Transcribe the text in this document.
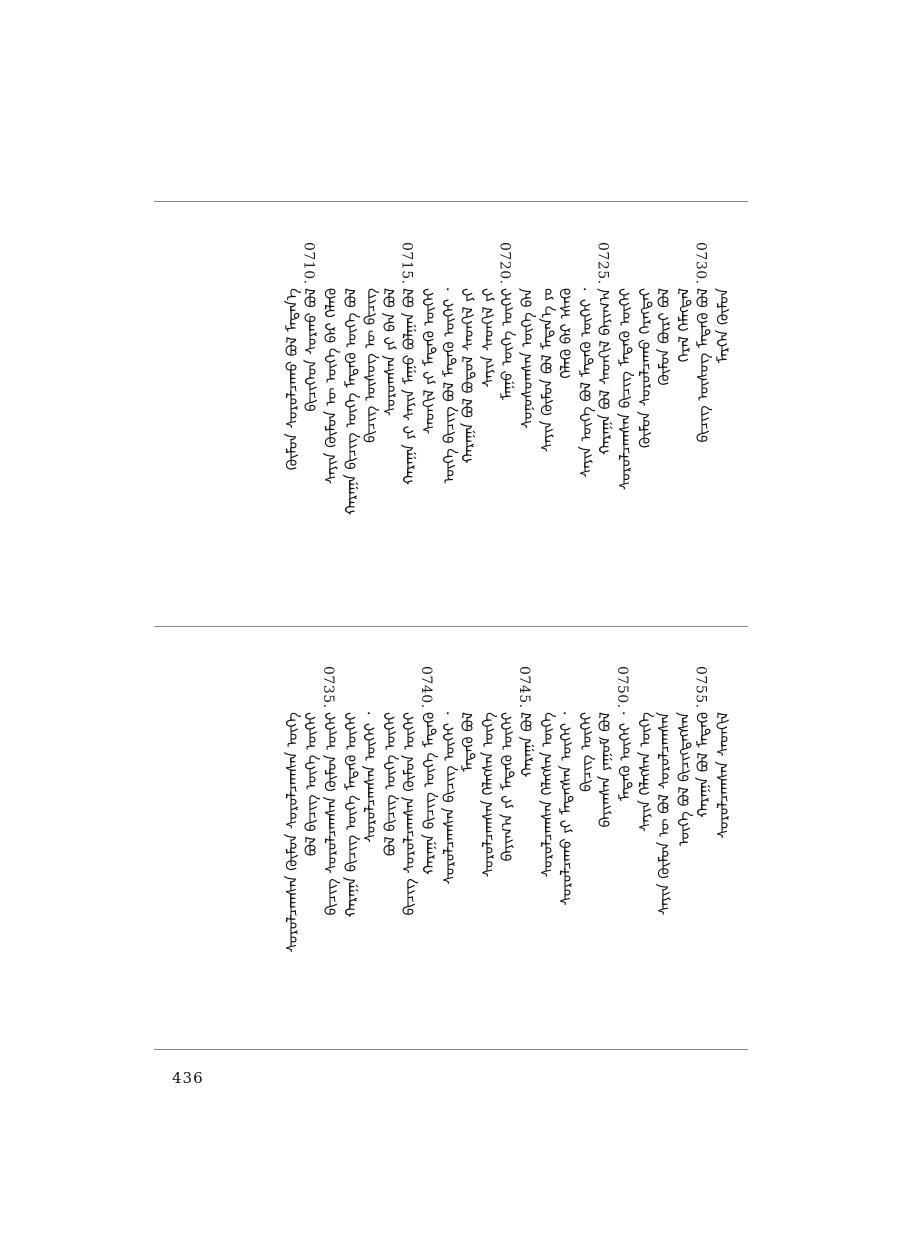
ᠮᠡᠷᠭᠡᠨ ᠬᠦᠮᠦᠨ
0730.
ᠪᠢᠴᠢᠭ ᠦᠰᠦᠭ ᠮᠡᠳᠡᠬᠦ ᠪᠣᠯ
ᠭᠡᠷᠡᠯ ᠬᠡᠮᠡᠭᠳᠡᠯ
ᠬᠦᠮᠦᠨ ᠪᠦᠷᠢ ᠪᠣᠯ
ᠬᠦᠮᠦᠨ ᠰᠤᠷᠤᠯᠴᠠᠬᠤ ᠬᠡᠷᠡᠭᠲᠡᠢ
ᠰᠤᠷᠤᠯᠴᠠᠭᠰᠠᠨ ᠪᠢᠴᠢᠭ ᠮᠡᠳᠡᠬᠦ ᠦᠭᠡᠢ
0725.
ᠬᠠᠷᠠᠭᠠ ᠪᠣᠯ ᠰᠡᠳᠬᠢᠯ ᠪᠠᠶᠢᠭ᠎ᠠ
ᠰᠠᠶᠢᠨ ᠦᠭᠡ ᠪᠣᠯ ᠮᠡᠳᠡᠬᠦ ᠦᠭᠡᠢ ᠂
ᠬᠡᠯᠡᠬᠦ ᠪᠡᠷ ᠡᠰᠡᠬᠦ
ᠰᠠᠶᠢᠨ ᠬᠦᠮᠦᠨ ᠪᠣᠯ ᠮᠡᠳᠡᠨ᠎ᠡ ᠶᠤ
ᠰᠣᠨᠤᠰᠤᠭᠰᠠᠨ ᠦᠭᠡ ᠪᠡᠨ
0720.
ᠮᠠᠭᠤ ᠦᠭᠡ ᠦᠭᠡᠢ
ᠰᠠᠶᠢᠨ ᠰᠡᠳᠬᠢᠯ ᠶᠢ
ᠬᠠᠷᠠᠭᠠ ᠪᠣᠯ ᠪᠣᠳᠤᠯ ᠰᠡᠳᠬᠢᠯ ᠶᠢ
ᠦᠭᠡ ᠪᠢᠴᠢᠭ ᠪᠣᠯ ᠮᠡᠳᠡᠬᠦ ᠦᠭᠡᠢ ᠂
ᠰᠡᠳᠬᠢᠯ ᠶᠢ ᠮᠡᠳᠡᠬᠦ ᠦᠭᠡᠢ
0715.
ᠬᠠᠷᠠᠭᠠ ᠶᠢ ᠰᠠᠶᠢᠨ ᠮᠠᠭᠤ ᠪᠣᠯᠭᠠᠨ ᠪᠣᠯ
ᠰᠤᠷᠤᠭᠰᠠᠨ ᠶᠢ ᠪᠡᠨ ᠪᠣᠯ
ᠪᠢᠴᠢᠭ ᠦᠰᠦᠭ ᠦ ᠪᠢᠴᠢᠭ
ᠬᠠᠷᠠᠭᠠ ᠪᠢᠴᠢᠭ ᠦᠭᠡ ᠮᠡᠳᠡᠬᠦ ᠦᠭᠡ ᠪᠣᠯ
ᠰᠠᠶᠢᠨ ᠬᠦᠮᠦᠨ ᠦ ᠦᠭᠡ ᠪᠠᠷ ᠬᠡᠯᠡᠬᠦ
0710.
ᠪᠢᠴᠢᠭᠡᠳ ᠰᠤᠷᠬᠤ ᠪᠣᠯ
ᠬᠦᠮᠦᠨ ᠰᠤᠷᠤᠯᠴᠠᠬᠤ ᠪᠣᠯ ᠮᠡᠳᠡᠨ᠎ᠡ
ᠰᠤᠷᠤᠯᠴᠠᠭᠰᠠᠨ ᠰᠡᠳᠬᠢᠯ
0755.
ᠬᠠᠷᠠᠭᠠ ᠪᠣᠯ ᠮᠡᠳᠡᠬᠦ
ᠦᠭᠡ ᠪᠣᠯ ᠪᠢᠴᠢᠭᠳᠡᠭᠰᠡᠨ
ᠰᠠᠶᠢᠨ ᠬᠦᠮᠦᠨ ᠦ ᠪᠣᠯ ᠰᠤᠷᠤᠯᠴᠠᠭᠰᠠᠨ
ᠰᠠᠶᠢᠨ ᠬᠡᠯᠡᠭᠰᠡᠨ ᠦᠭᠡ
0750.
ᠮᠡᠳᠡᠬᠦ ᠦᠭᠡᠢ ᠂
ᠪᠠᠶᠢᠭᠰᠠᠨ ᠶᠠᠭᠤᠮ ᠪᠣᠯ
ᠪᠢᠴᠢᠭ ᠦᠭᠡᠢ
ᠰᠤᠷᠤᠯᠴᠠᠬᠤ ᠶᠢ ᠮᠡᠳᠡᠭᠰᠡᠨ ᠦᠭᠡᠢ ᠂
ᠰᠤᠷᠤᠯᠴᠠᠭᠰᠠᠨ ᠬᠡᠯᠡᠭᠰᠡᠨ ᠦᠭᠡ
0745.
ᠬᠠᠷᠠᠭᠠ ᠪᠣᠯ
ᠪᠠᠶᠢᠭ᠎ᠠ ᠶᠢ ᠮᠡᠳᠡᠬᠦ ᠦᠭᠡᠢ
ᠰᠤᠷᠤᠯᠴᠠᠭᠰᠠᠨ ᠬᠡᠯᠡᠭᠰᠡᠨ ᠦᠭᠡ
ᠮᠡᠳᠡᠬᠦ ᠪᠣᠯ
ᠰᠤᠷᠤᠯᠴᠠᠭᠰᠠᠨ ᠪᠢᠴᠢᠭ ᠦᠭᠡᠢ ᠂
0740.
ᠬᠠᠷᠠᠭᠠ ᠪᠢᠴᠢᠭ ᠦᠭᠡ ᠮᠡᠳᠡᠬᠦ
ᠪᠢᠴᠢᠭ ᠰᠤᠷᠤᠯᠴᠠᠭᠰᠠᠨ ᠬᠦᠮᠦᠨ ᠦᠭᠡᠢ
ᠪᠣᠯ ᠪᠢᠴᠢᠭ ᠦᠭᠡ ᠦᠭᠡᠢ
ᠰᠤᠷᠤᠯᠴᠠᠭᠰᠠᠨ ᠦᠭᠡᠢ ᠂
ᠬᠠᠷᠠᠭᠠ ᠪᠢᠴᠢᠭ ᠦᠭᠡ ᠮᠡᠳᠡᠬᠦ ᠦᠭᠡᠢ
0735.
ᠪᠢᠴᠢᠭ ᠰᠤᠷᠤᠯᠴᠠᠭᠰᠠᠨ ᠬᠦᠮᠦᠨ ᠦᠭᠡᠢ
ᠪᠣᠯ ᠪᠢᠴᠢᠭ ᠦᠭᠡ ᠦᠭᠡᠢ
ᠰᠤᠷᠤᠯᠴᠠᠭᠰᠠᠨ ᠬᠦᠮᠦᠨ ᠰᠤᠷᠤᠯᠴᠠᠭᠰᠠᠨ ᠦᠭᠡ
436
